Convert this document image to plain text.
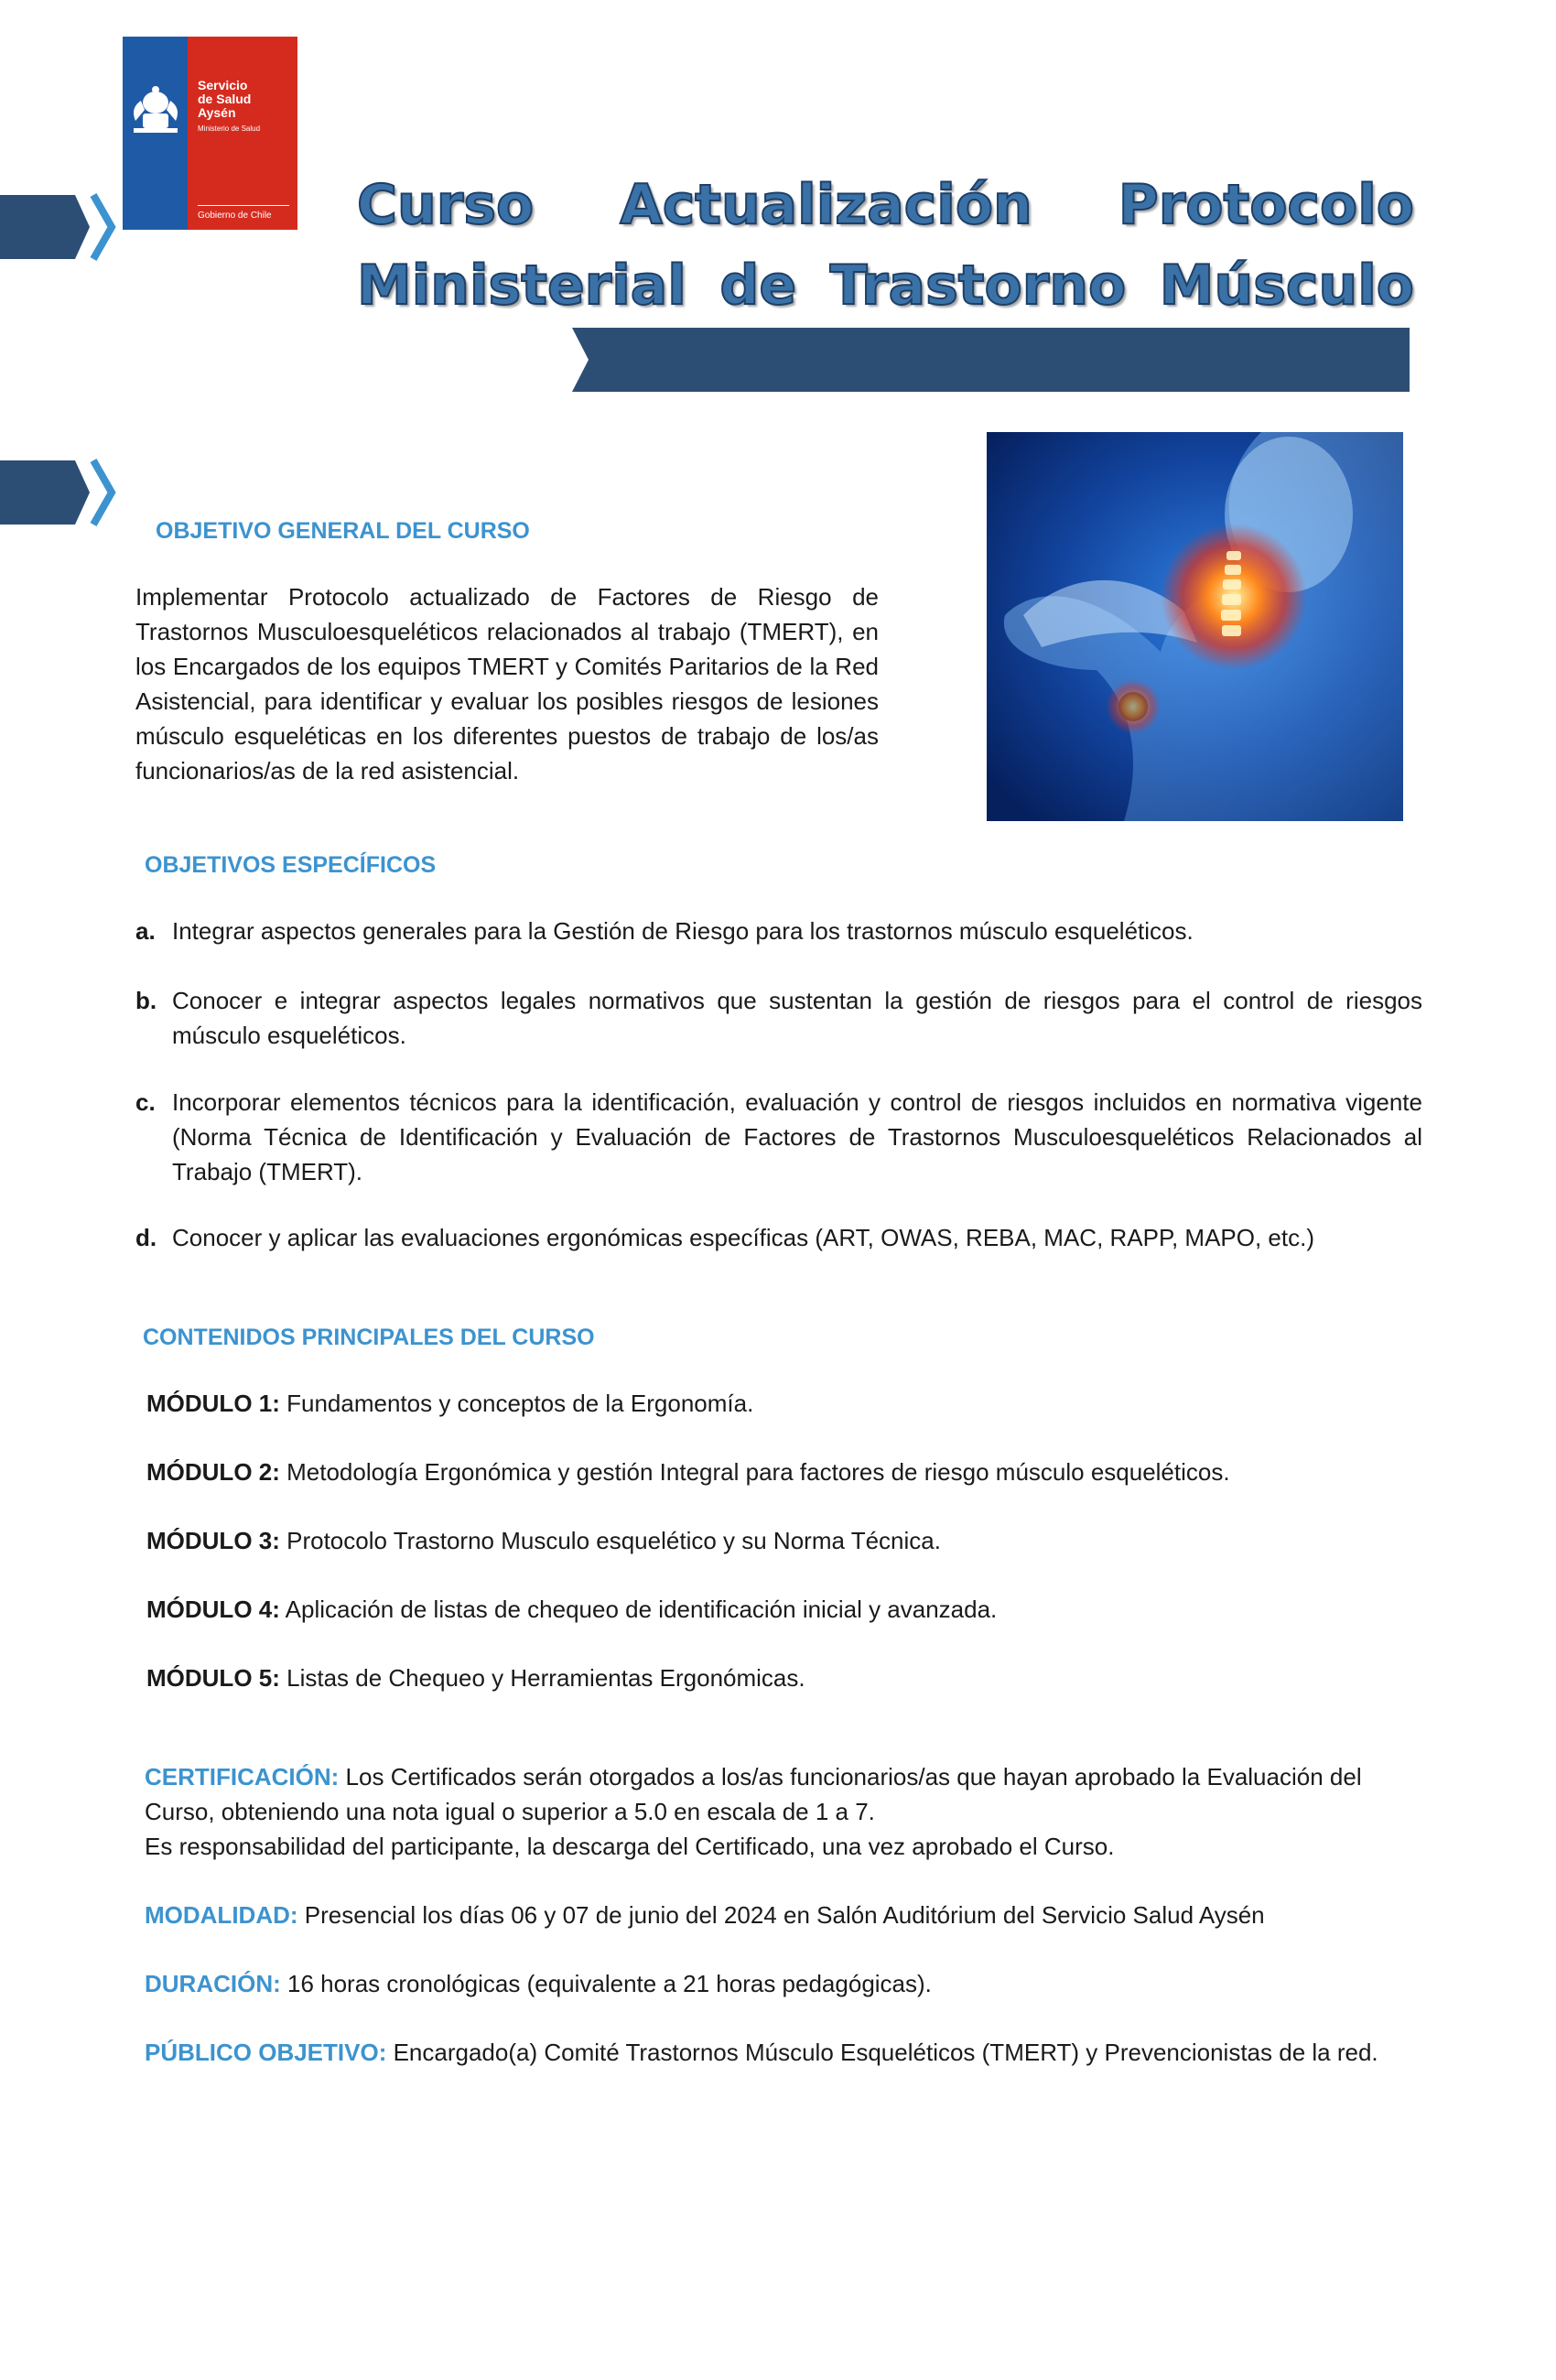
Servicio
de Salud
Aysén
Ministerio de Salud
Gobierno de Chile Curso Actualización Protocolo
Ministerial de Trastorno Músculo
OBJETIVO GENERAL DEL CURSO
Implementar Protocolo actualizado de Factores de Riesgo de Trastornos Musculoesqueléticos relacionados al trabajo (TMERT), en los Encargados de los equipos TMERT y Comités Paritarios de la Red Asistencial, para identificar y evaluar los posibles riesgos de lesiones músculo esqueléticas en los diferentes puestos de trabajo de los/as funcionarios/as de la red asistencial.
OBJETIVOS ESPECÍFICOS
a. Integrar aspectos generales para la Gestión de Riesgo para los trastornos músculo esqueléticos.
b. Conocer e integrar aspectos legales normativos que sustentan la gestión de riesgos para el control de riesgos músculo esqueléticos.
c. Incorporar elementos técnicos para la identificación, evaluación y control de riesgos incluidos en normativa vigente (Norma Técnica de Identificación y Evaluación de Factores de Trastornos Musculoesqueléticos Relacionados al Trabajo (TMERT).
d. Conocer y aplicar las evaluaciones ergonómicas específicas (ART, OWAS, REBA, MAC, RAPP, MAPO, etc.)
CONTENIDOS PRINCIPALES DEL CURSO
MÓDULO 1: Fundamentos y conceptos de la Ergonomía.
MÓDULO 2: Metodología Ergonómica y gestión Integral para factores de riesgo músculo esqueléticos.
MÓDULO 3: Protocolo Trastorno Musculo esquelético y su Norma Técnica.
MÓDULO 4: Aplicación de listas de chequeo de identificación inicial y avanzada.
MÓDULO 5: Listas de Chequeo y Herramientas Ergonómicas.
CERTIFICACIÓN: Los Certificados serán otorgados a los/as funcionarios/as que hayan aprobado la Evaluación del Curso, obteniendo una nota igual o superior a 5.0 en escala de 1 a 7.
Es responsabilidad del participante, la descarga del Certificado, una vez aprobado el Curso.
MODALIDAD: Presencial los días 06 y 07 de junio del 2024 en Salón Auditórium del Servicio Salud Aysén
DURACIÓN: 16 horas cronológicas (equivalente a 21 horas pedagógicas).
PÚBLICO OBJETIVO: Encargado(a) Comité Trastornos Músculo Esqueléticos (TMERT) y Prevencionistas de la red.
